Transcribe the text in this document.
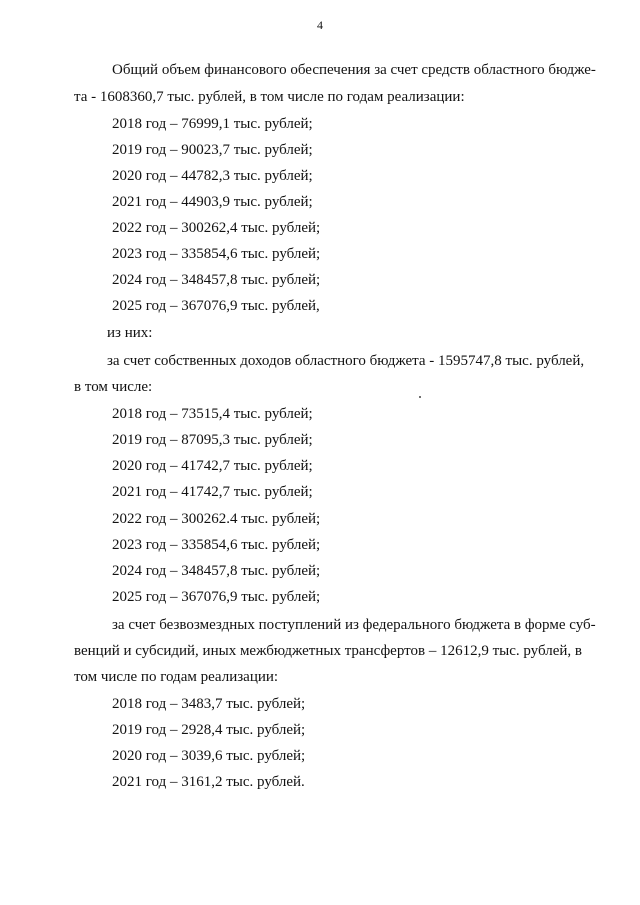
4
Общий объем финансового обеспечения за счет средств областного бюдже-
та - 1608360,7 тыс. рублей, в том числе по годам реализации:
2018 год – 76999,1 тыс. рублей;
2019 год – 90023,7 тыс. рублей;
2020 год – 44782,3 тыс. рублей;
2021 год – 44903,9 тыс. рублей;
2022 год – 300262,4 тыс. рублей;
2023 год – 335854,6 тыс. рублей;
2024 год – 348457,8 тыс. рублей;
2025 год – 367076,9 тыс. рублей,
из них:
за счет собственных доходов областного бюджета - 1595747,8 тыс. рублей,
в том числе:
2018 год – 73515,4 тыс. рублей;
2019 год – 87095,3 тыс. рублей;
2020 год – 41742,7 тыс. рублей;
2021 год – 41742,7 тыс. рублей;
2022 год – 300262.4 тыс. рублей;
2023 год – 335854,6 тыс. рублей;
2024 год – 348457,8 тыс. рублей;
2025 год – 367076,9 тыс. рублей;
за счет безвозмездных поступлений из федерального бюджета в форме суб-
венций и субсидий, иных межбюджетных трансфертов – 12612,9 тыс. рублей, в
том числе по годам реализации:
2018 год – 3483,7 тыс. рублей;
2019 год – 2928,4 тыс. рублей;
2020 год – 3039,6 тыс. рублей;
2021 год – 3161,2 тыс. рублей.
